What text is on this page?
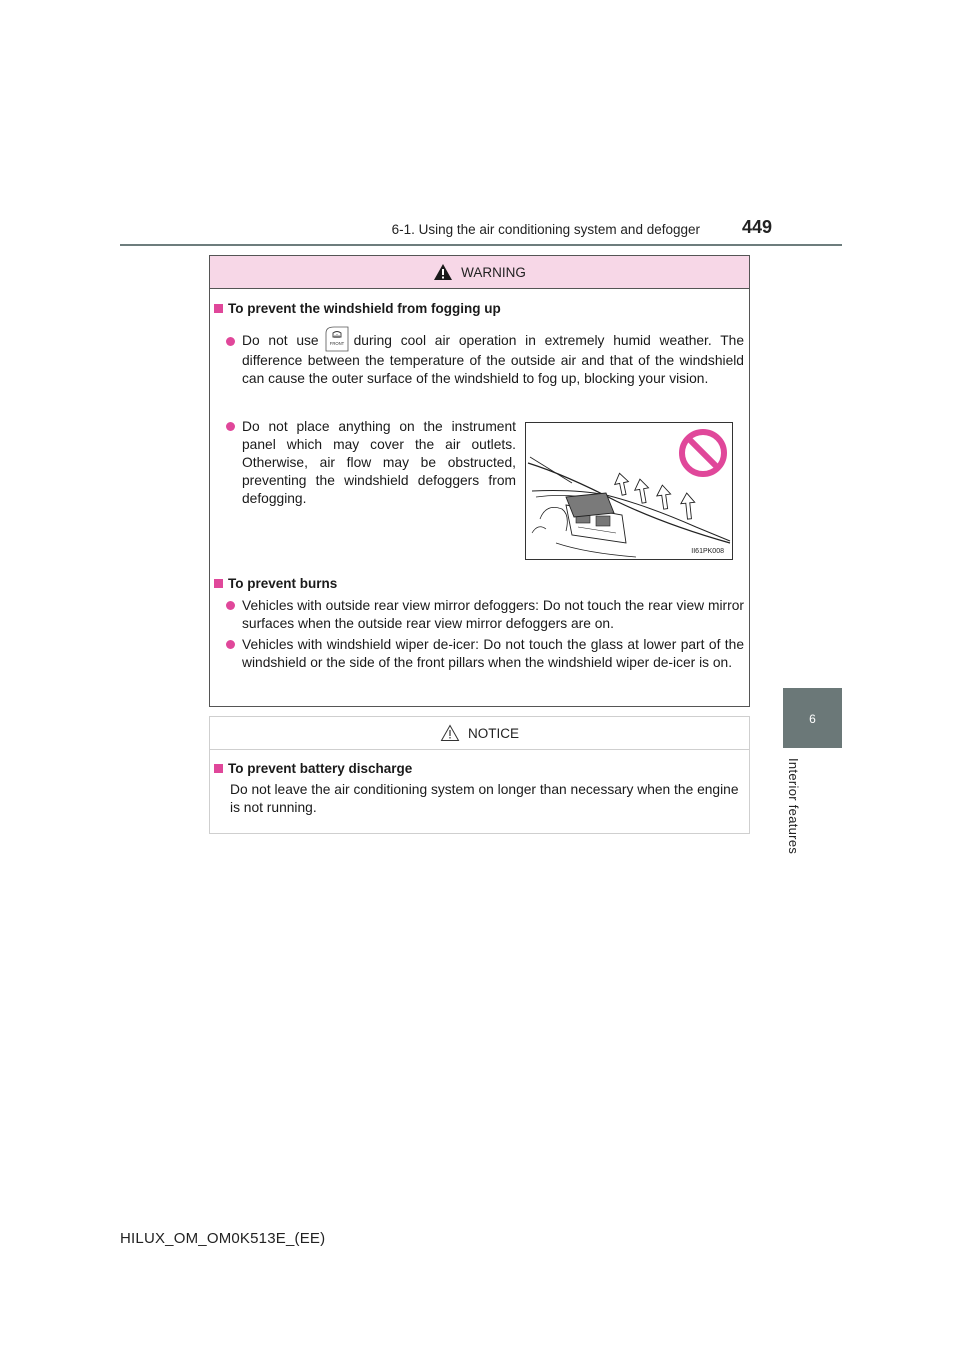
6-1. Using the air conditioning system and defogger 449
6
Interior features
WARNING
To prevent the windshield from fogging up
Do not use	FRONT during cool air operation in extremely humid weather. The difference between the temperature of the outside air and that of the windshield can cause the outer surface of the windshield to fog up, blocking your vision.
Do not place anything on the instrument panel which may cover the air outlets. Otherwise, air flow may be obstructed, preventing the windshield defoggers from defogging.
II61PK008
To prevent burns
Vehicles with outside rear view mirror defoggers: Do not touch the rear view mirror surfaces when the outside rear view mirror defoggers are on.
Vehicles with windshield wiper de-icer: Do not touch the glass at lower part of the windshield or the side of the front pillars when the windshield wiper de-icer is on.
NOTICE
To prevent battery discharge
Do not leave the air conditioning system on longer than necessary when the engine is not running.
HILUX_OM_OM0K513E_(EE)
